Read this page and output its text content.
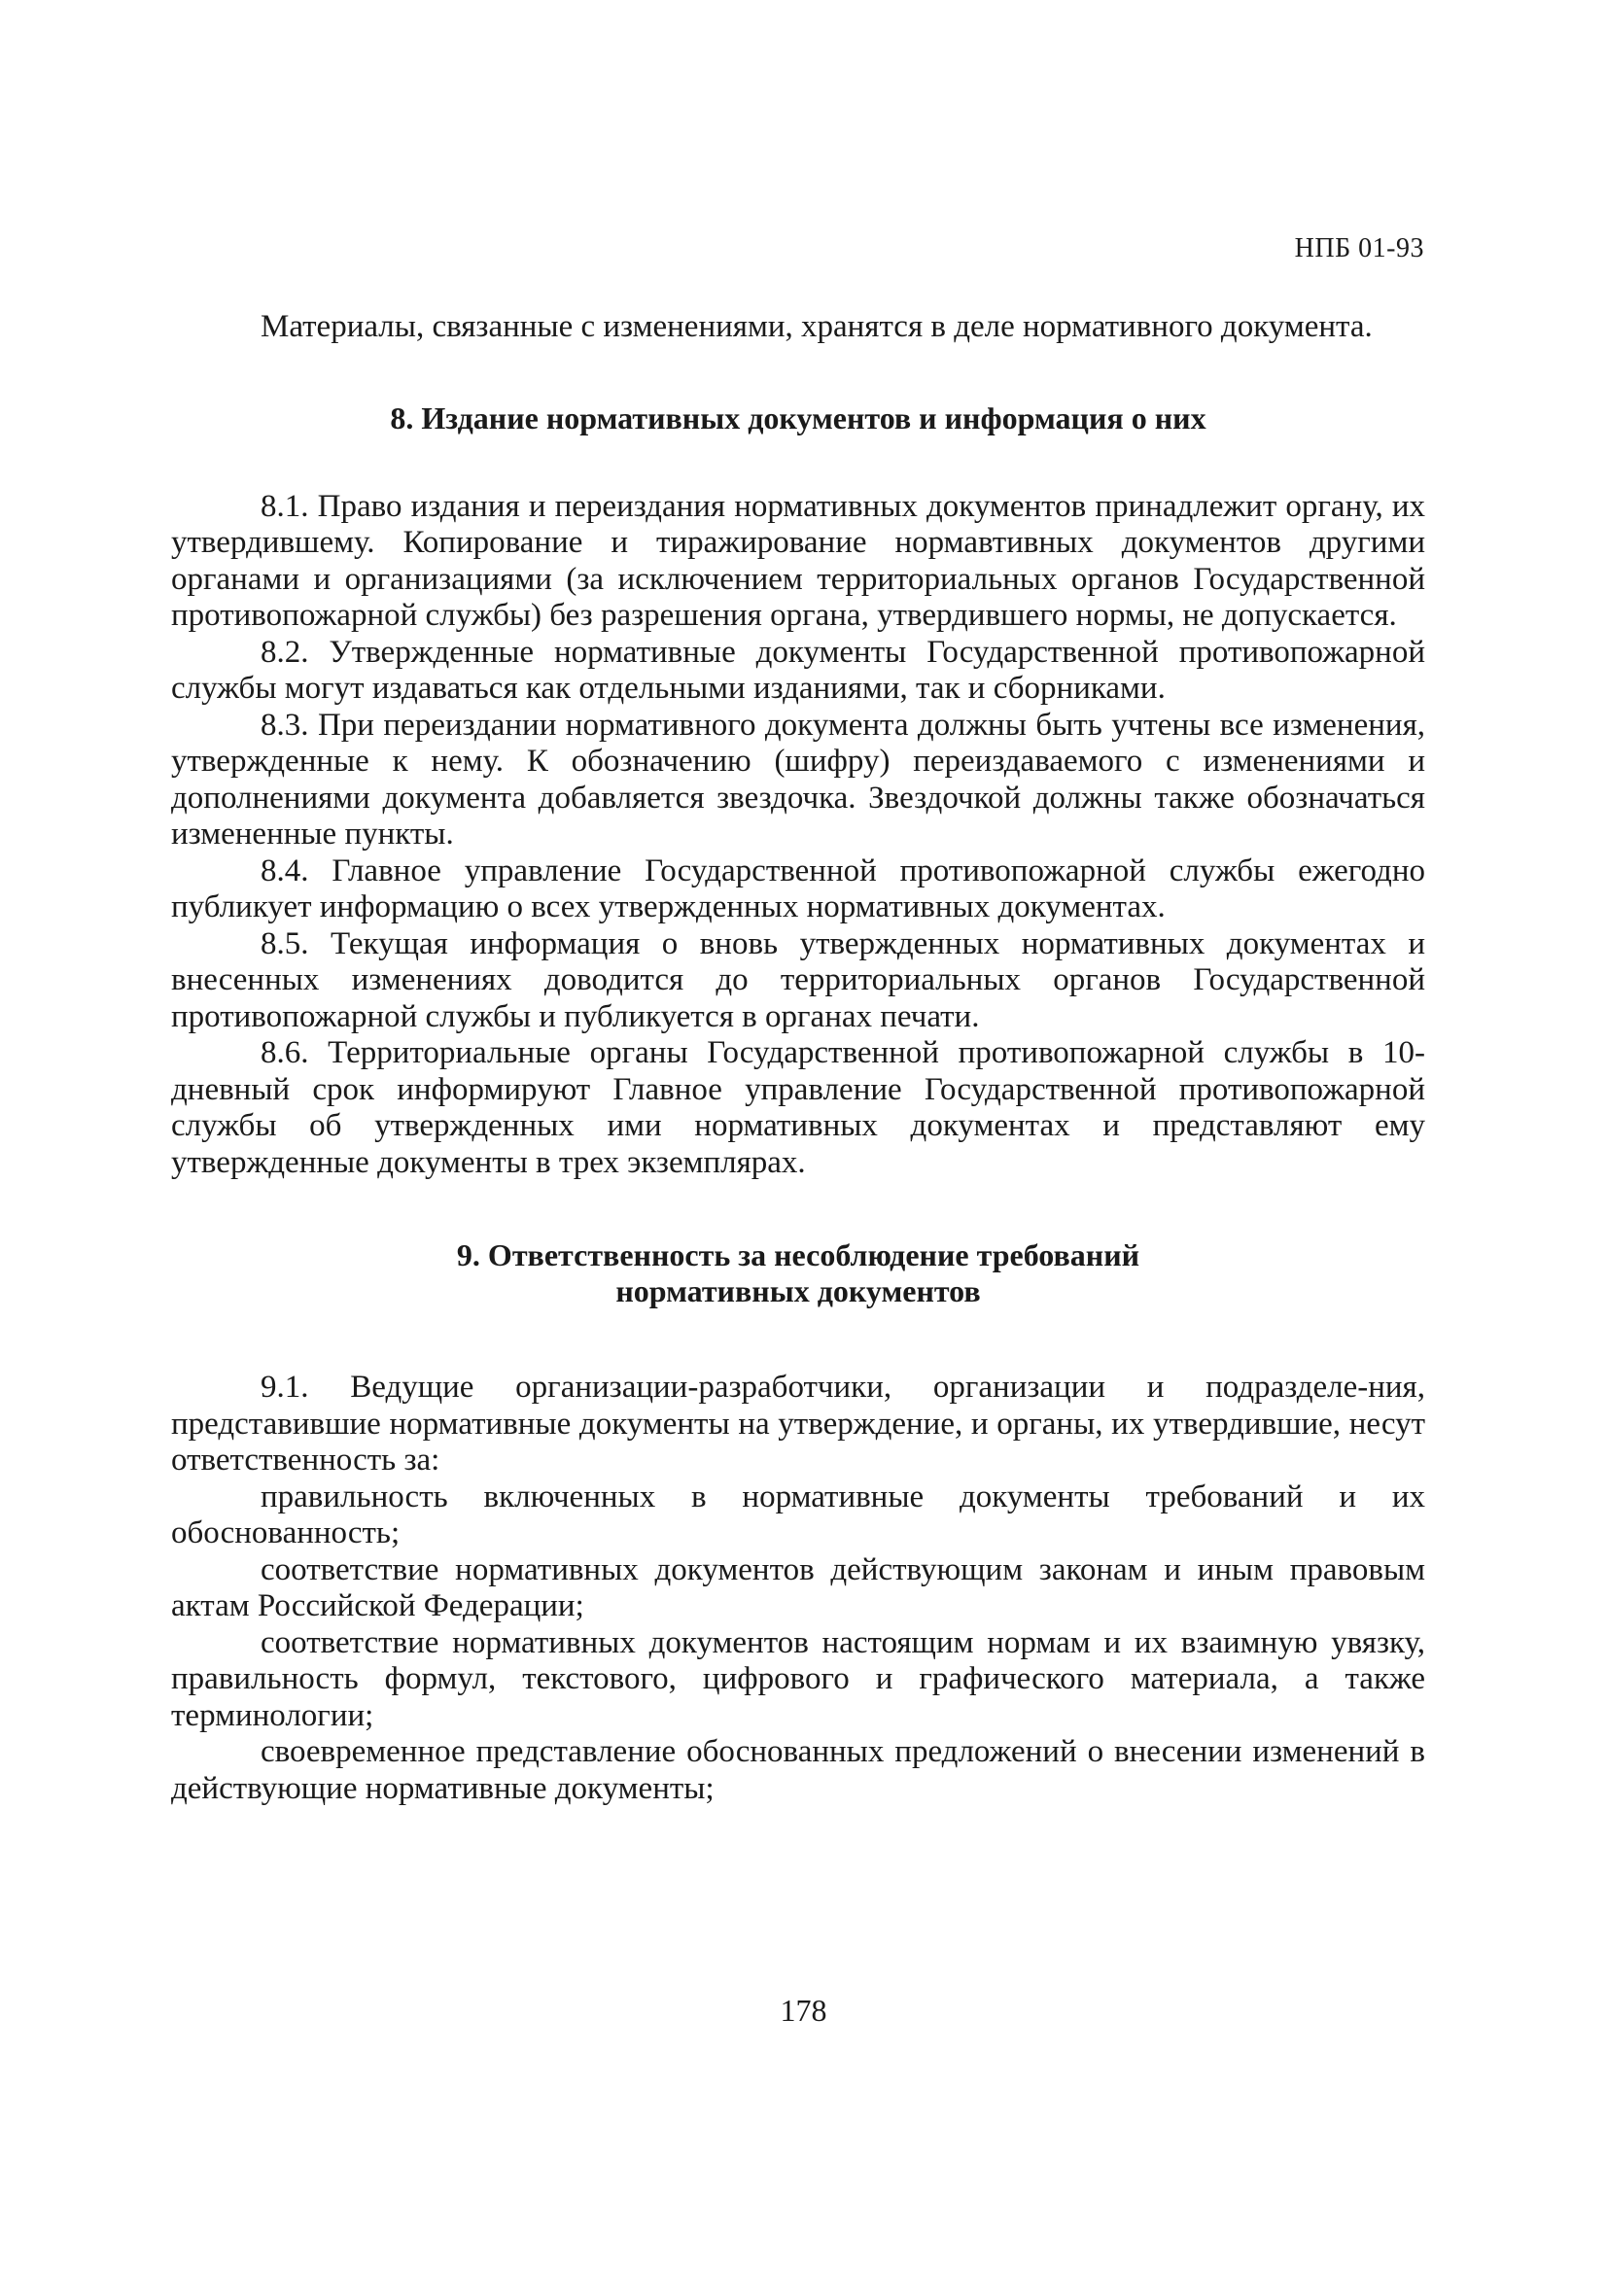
НПБ 01-93

Материалы, связанные с изменениями, хранятся в деле нормативного документа.

8. Издание нормативных документов и информация о них

8.1. Право издания и переиздания нормативных документов принадлежит органу, их утвердившему. Копирование и тиражирование нормавтивных документов другими органами и организациями (за исключением территориальных органов Государственной противопожарной службы) без разрешения органа, утвердившего нормы, не допускается.

8.2. Утвержденные нормативные документы Государственной противопожарной службы могут издаваться как отдельными изданиями, так и сборниками.

8.3. При переиздании нормативного документа должны быть учтены все изменения, утвержденные к нему. К обозначению (шифру) переиздаваемого с изменениями и дополнениями документа добавляется звездочка. Звездочкой должны также обозначаться измененные пункты.

8.4. Главное управление Государственной противопожарной службы ежегодно публикует информацию о всех утвержденных нормативных документах.

8.5. Текущая информация о вновь утвержденных нормативных документах и внесенных изменениях доводится до территориальных органов Государственной противопожарной службы и публикуется в органах печати.

8.6. Территориальные органы Государственной противопожарной службы в 10-дневный срок информируют Главное управление Государственной противопожарной службы об утвержденных ими нормативных документах и представляют ему утвержденные документы в трех экземплярах.

9. Ответственность за несоблюдение требований
нормативных документов

9.1. Ведущие организации-разработчики, организации и подразделе-ния, представившие нормативные документы на утверждение, и органы, их утвердившие, несут ответственность за:

правильность включенных в нормативные документы требований и их обоснованность;

соответствие нормативных документов действующим законам и иным правовым актам Российской Федерации;

соответствие нормативных документов настоящим нормам и их взаимную увязку, правильность формул, текстового, цифрового и графического материала, а также терминологии;

своевременное представление обоснованных предложений о внесении изменений в действующие нормативные документы;

178
